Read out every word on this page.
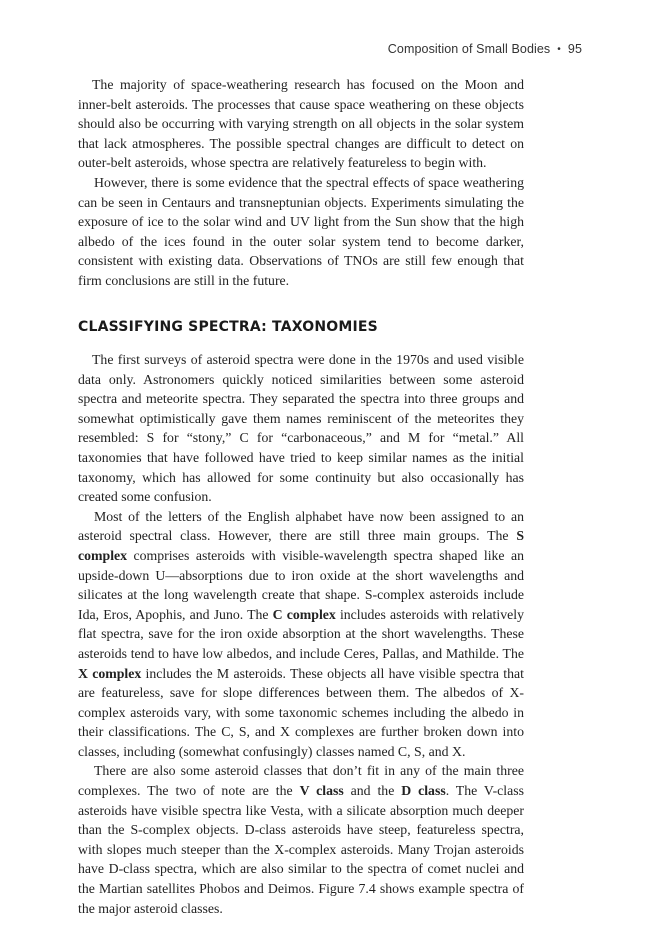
Composition of Small Bodies • 95

The majority of space-weathering research has focused on the Moon and inner-belt asteroids. The processes that cause space weathering on these objects should also be occurring with varying strength on all objects in the solar system that lack atmospheres. The possible spectral changes are difficult to detect on outer-belt asteroids, whose spectra are relatively featureless to begin with.

However, there is some evidence that the spectral effects of space weathering can be seen in Centaurs and transneptunian objects. Experiments simulating the exposure of ice to the solar wind and UV light from the Sun show that the high albedo of the ices found in the outer solar system tend to become darker, consistent with existing data. Observations of TNOs are still few enough that firm conclusions are still in the future.

CLASSIFYING SPECTRA: TAXONOMIES

The first surveys of asteroid spectra were done in the 1970s and used visible data only. Astronomers quickly noticed similarities between some asteroid spectra and meteorite spectra. They separated the spectra into three groups and somewhat optimistically gave them names reminiscent of the meteorites they resembled: S for “stony,” C for “carbonaceous,” and M for “metal.” All taxonomies that have followed have tried to keep similar names as the initial taxonomy, which has allowed for some continuity but also occasionally has created some confusion.

Most of the letters of the English alphabet have now been assigned to an asteroid spectral class. However, there are still three main groups. The S complex comprises asteroids with visible-wavelength spectra shaped like an upside-down U—absorptions due to iron oxide at the short wavelengths and silicates at the long wavelength create that shape. S-complex asteroids include Ida, Eros, Apophis, and Juno. The C complex includes asteroids with relatively flat spectra, save for the iron oxide absorption at the short wavelengths. These asteroids tend to have low albedos, and include Ceres, Pallas, and Mathilde. The X complex includes the M asteroids. These objects all have visible spectra that are featureless, save for slope differences between them. The albedos of X-complex asteroids vary, with some taxonomic schemes including the albedo in their classifications. The C, S, and X complexes are further broken down into classes, including (somewhat confusingly) classes named C, S, and X.

There are also some asteroid classes that don’t fit in any of the main three complexes. The two of note are the V class and the D class. The V-class asteroids have visible spectra like Vesta, with a silicate absorption much deeper than the S-complex objects. D-class asteroids have steep, featureless spectra, with slopes much steeper than the X-complex asteroids. Many Trojan asteroids have D-class spectra, which are also similar to the spectra of comet nuclei and the Martian satellites Phobos and Deimos. Figure 7.4 shows example spectra of the major asteroid classes.
